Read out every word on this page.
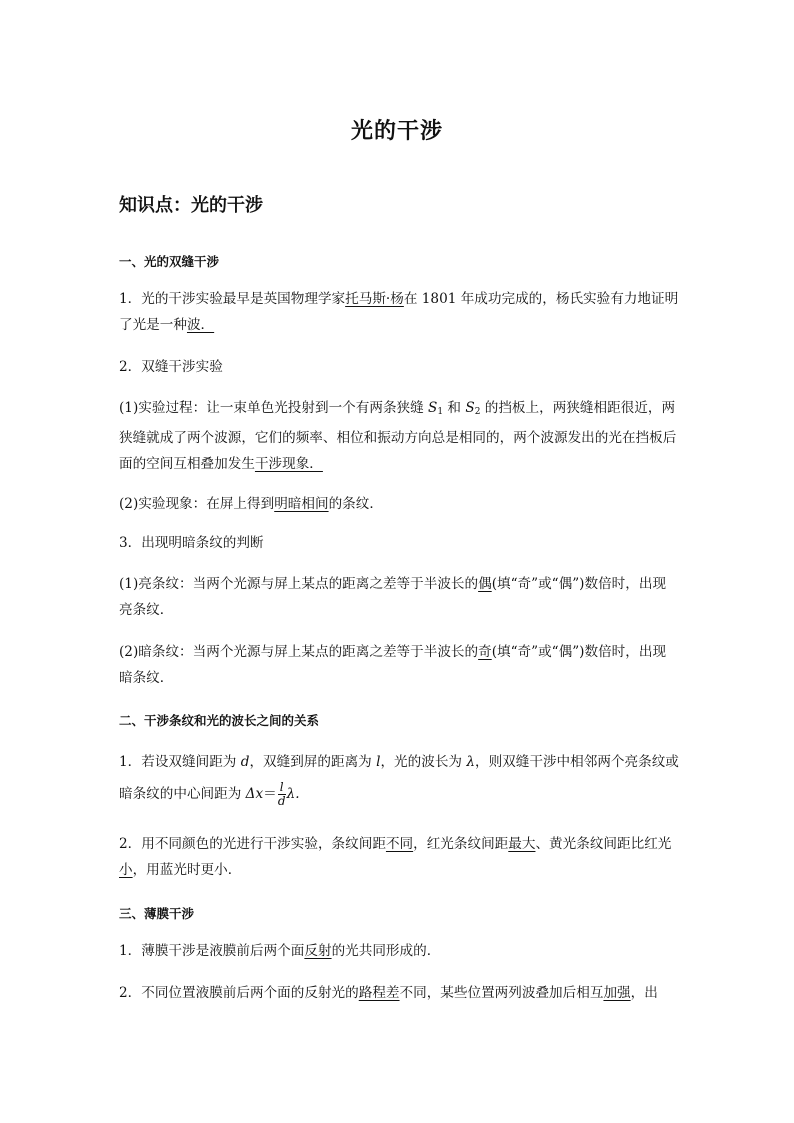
光的干涉
知识点：光的干涉
一、光的双缝干涉
1．光的干涉实验最早是英国物理学家托马斯·杨在 1801 年成功完成的，杨氏实验有力地证明了光是一种波．
2．双缝干涉实验
(1)实验过程：让一束单色光投射到一个有两条狭缝 $S_1$ 和 $S_2$ 的挡板上，两狭缝相距很近，两狭缝就成了两个波源，它们的频率、相位和振动方向总是相同的，两个波源发出的光在挡板后面的空间互相叠加发生干涉现象．
(2)实验现象：在屏上得到明暗相间的条纹．
3．出现明暗条纹的判断
(1)亮条纹：当两个光源与屏上某点的距离之差等于半波长的偶(填“奇”或“偶”)数倍时，出现亮条纹．
(2)暗条纹：当两个光源与屏上某点的距离之差等于半波长的奇(填“奇”或“偶”)数倍时，出现暗条纹．
二、干涉条纹和光的波长之间的关系
1．若设双缝间距为 d，双缝到屏的距离为 l，光的波长为 λ，则双缝干涉中相邻两个亮条纹或暗条纹的中心间距为 $\Delta x= \frac{l}{d} \lambda$.
2．用不同颜色的光进行干涉实验，条纹间距不同，红光条纹间距最大、黄光条纹间距比红光小，用蓝光时更小．
三、薄膜干涉
1．薄膜干涉是液膜前后两个面反射的光共同形成的．
2．不同位置液膜前后两个面的反射光的路程差不同，某些位置两列波叠加后相互加强，出
